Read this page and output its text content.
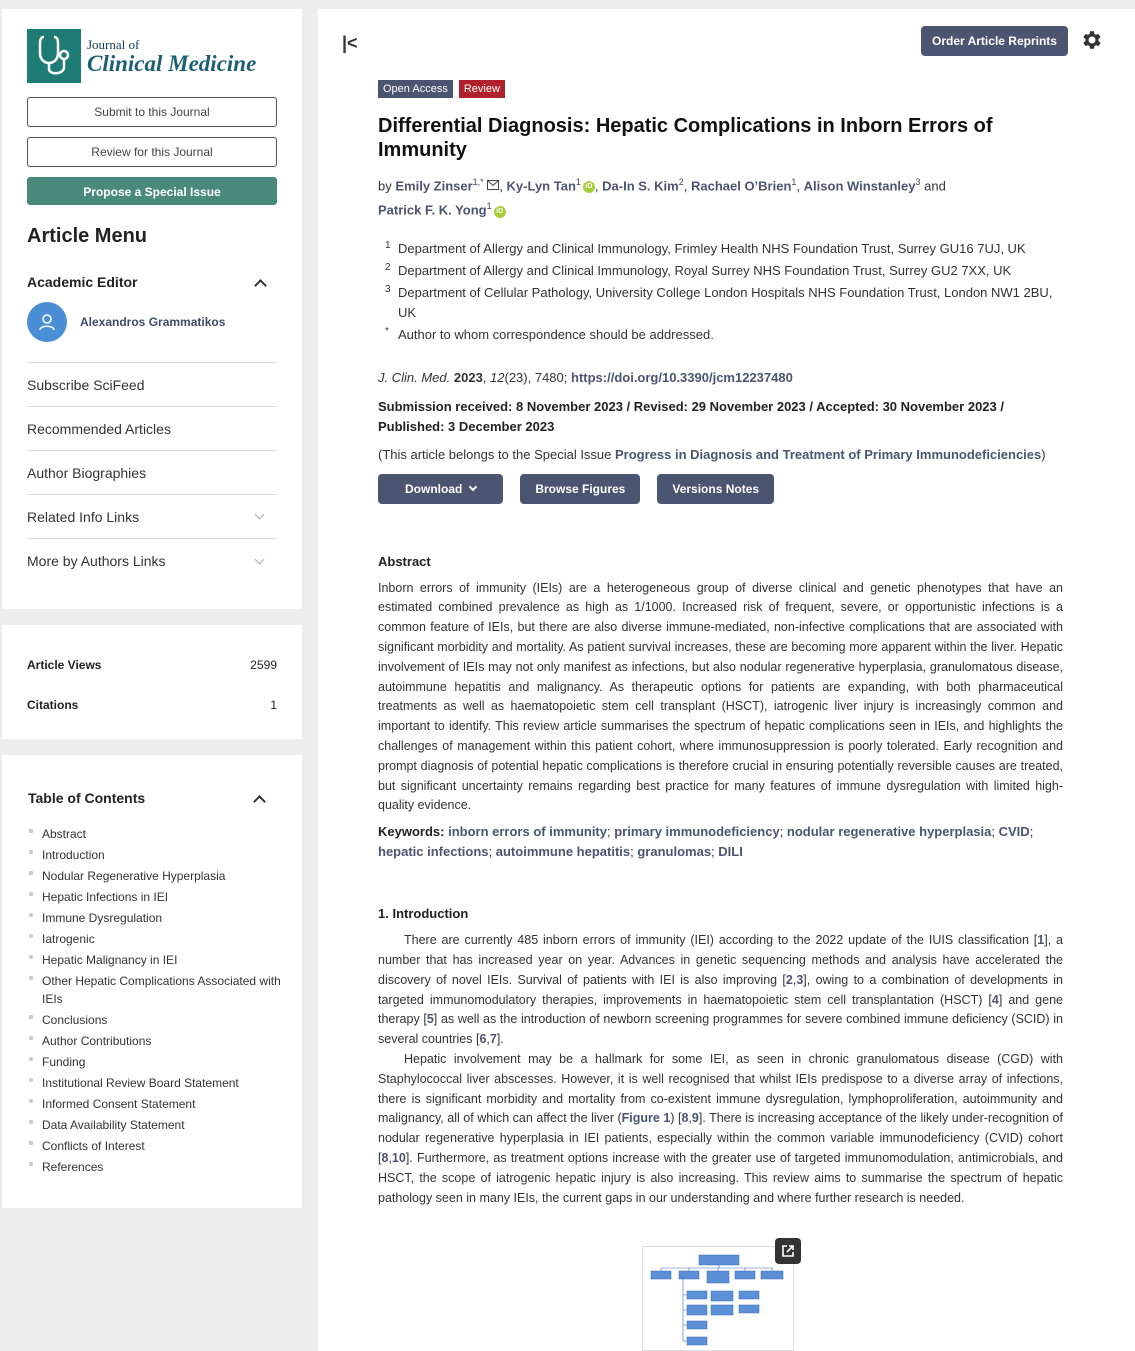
Journal of
Clinical Medicine
Submit to this Journal
Review for this Journal
Propose a Special Issue
Article Menu
Academic Editor
Alexandros Grammatikos
Subscribe SciFeed
Recommended Articles
Author Biographies
Related Info Links
More by Authors Links
Article Views	2599
Citations	1
Table of Contents
Abstract
Introduction
Nodular Regenerative Hyperplasia
Hepatic Infections in IEI
Immune Dysregulation
Iatrogenic
Hepatic Malignancy in IEI
Other Hepatic Complications Associated with IEIs
Conclusions
Author Contributions
Funding
Institutional Review Board Statement
Informed Consent Statement
Data Availability Statement
Conflicts of Interest
References
|<	Order Article Reprints
Open Access	Review
Differential Diagnosis: Hepatic Complications in Inborn Errors of Immunity
by Emily Zinser$^{1,*}$ , Ky-Lyn Tan$^1$ iD , Da-In S. Kim$^2$, Rachael O’Brien$^1$, Alison Winstanley$^3$ and
Patrick F. K. Yong$^1$ iD
1 Department of Allergy and Clinical Immunology, Frimley Health NHS Foundation Trust, Surrey GU16 7UJ, UK
2 Department of Allergy and Clinical Immunology, Royal Surrey NHS Foundation Trust, Surrey GU2 7XX, UK
3 Department of Cellular Pathology, University College London Hospitals NHS Foundation Trust, London NW1 2BU, UK
* Author to whom correspondence should be addressed.
J. Clin. Med. 2023, 12(23), 7480; https://doi.org/10.3390/jcm12237480
Submission received: 8 November 2023 / Revised: 29 November 2023 / Accepted: 30 November 2023 / Published: 3 December 2023
(This article belongs to the Special Issue Progress in Diagnosis and Treatment of Primary Immunodeficiencies)
Download	Browse Figures	Versions Notes
Abstract

Inborn errors of immunity (IEIs) are a heterogeneous group of diverse clinical and genetic phenotypes that have an estimated combined prevalence as high as 1/1000. Increased risk of frequent, severe, or opportunistic infections is a common feature of IEIs, but there are also diverse immune-mediated, non-infective complications that are associated with significant morbidity and mortality. As patient survival increases, these are becoming more apparent within the liver. Hepatic involvement of IEIs may not only manifest as infections, but also nodular regenerative hyperplasia, granulomatous disease, autoimmune hepatitis and malignancy. As therapeutic options for patients are expanding, with both pharmaceutical treatments as well as haematopoietic stem cell transplant (HSCT), iatrogenic liver injury is increasingly common and important to identify. This review article summarises the spectrum of hepatic complications seen in IEIs, and highlights the challenges of management within this patient cohort, where immunosuppression is poorly tolerated. Early recognition and prompt diagnosis of potential hepatic complications is therefore crucial in ensuring potentially reversible causes are treated, but significant uncertainty remains regarding best practice for many features of immune dysregulation with limited high-quality evidence.

Keywords: inborn errors of immunity; primary immunodeficiency; nodular regenerative hyperplasia; CVID; hepatic infections; autoimmune hepatitis; granulomas; DILI
1. Introduction

There are currently 485 inborn errors of immunity (IEI) according to the 2022 update of the IUIS classification [1], a number that has increased year on year. Advances in genetic sequencing methods and analysis have accelerated the discovery of novel IEIs. Survival of patients with IEI is also improving [2,3], owing to a combination of developments in targeted immunomodulatory therapies, improvements in haematopoietic stem cell transplantation (HSCT) [4] and gene therapy [5] as well as the introduction of newborn screening programmes for severe combined immune deficiency (SCID) in several countries [6,7].

Hepatic involvement may be a hallmark for some IEI, as seen in chronic granulomatous disease (CGD) with Staphylococcal liver abscesses. However, it is well recognised that whilst IEIs predispose to a diverse array of infections, there is significant morbidity and mortality from co-existent immune dysregulation, lymphoproliferation, autoimmunity and malignancy, all of which can affect the liver (Figure 1) [8,9]. There is increasing acceptance of the likely under-recognition of nodular regenerative hyperplasia in IEI patients, especially within the common variable immunodeficiency (CVID) cohort [8,10]. Furthermore, as treatment options increase with the greater use of targeted immunomodulation, antimicrobials, and HSCT, the scope of iatrogenic hepatic injury is also increasing. This review aims to summarise the spectrum of hepatic pathology seen in many IEIs, the current gaps in our understanding and where further research is needed.
